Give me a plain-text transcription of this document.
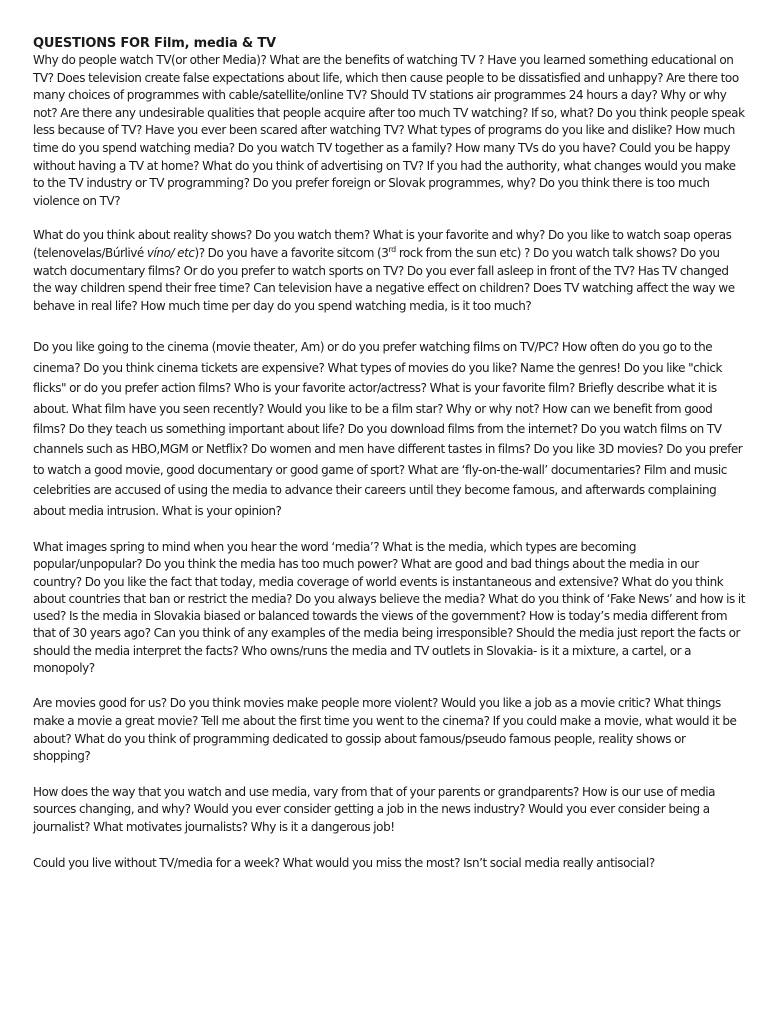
QUESTIONS FOR Film, media & TV

Why do people watch TV(or other Media)? What are the benefits of watching TV ? Have you learned something educational on TV? Does television create false expectations about life, which then cause people to be dissatisfied and unhappy? Are there too many choices of programmes with cable/satellite/online TV? Should TV stations air programmes 24 hours a day? Why or why not? Are there any undesirable qualities that people acquire after too much TV watching? If so, what? Do you think people speak less because of TV? Have you ever been scared after watching TV? What types of programs do you like and dislike? How much time do you spend watching media? Do you watch TV together as a family? How many TVs do you have? Could you be happy without having a TV at home? What do you think of advertising on TV? If you had the authority, what changes would you make to the TV industry or TV programming? Do you prefer foreign or Slovak programmes, why? Do you think there is too much violence on TV?

What do you think about reality shows? Do you watch them? What is your favorite and why? Do you like to watch soap operas (telenovelas/Búrlivé víno/ etc)? Do you have a favorite sitcom (3rd rock from the sun etc) ? Do you watch talk shows? Do you watch documentary films? Or do you prefer to watch sports on TV? Do you ever fall asleep in front of the TV? Has TV changed the way children spend their free time? Can television have a negative effect on children? Does TV watching affect the way we behave in real life? How much time per day do you spend watching media, is it too much?

Do you like going to the cinema (movie theater, Am) or do you prefer watching films on TV/PC? How often do you go to the cinema? Do you think cinema tickets are expensive? What types of movies do you like? Name the genres! Do you like "chick flicks" or do you prefer action films? Who is your favorite actor/actress? What is your favorite film? Briefly describe what it is about. What film have you seen recently? Would you like to be a film star? Why or why not? How can we benefit from good films? Do they teach us something important about life? Do you download films from the internet? Do you watch films on TV channels such as HBO,MGM or Netflix? Do women and men have different tastes in films? Do you like 3D movies? Do you prefer to watch a good movie, good documentary or good game of sport? What are ‘fly-on-the-wall’ documentaries? Film and music celebrities are accused of using the media to advance their careers until they become famous, and afterwards complaining about media intrusion. What is your opinion?

What images spring to mind when you hear the word ‘media’? What is the media, which types are becoming popular/unpopular? Do you think the media has too much power? What are good and bad things about the media in our country? Do you like the fact that today, media coverage of world events is instantaneous and extensive? What do you think about countries that ban or restrict the media? Do you always believe the media? What do you think of ‘Fake News’ and how is it used? Is the media in Slovakia biased or balanced towards the views of the government? How is today’s media different from that of 30 years ago? Can you think of any examples of the media being irresponsible? Should the media just report the facts or should the media interpret the facts? Who owns/runs the media and TV outlets in Slovakia- is it a mixture, a cartel, or a monopoly?

Are movies good for us? Do you think movies make people more violent? Would you like a job as a movie critic? What things make a movie a great movie? Tell me about the first time you went to the cinema? If you could make a movie, what would it be about? What do you think of programming dedicated to gossip about famous/pseudo famous people, reality shows or shopping?

How does the way that you watch and use media, vary from that of your parents or grandparents? How is our use of media sources changing, and why? Would you ever consider getting a job in the news industry? Would you ever consider being a journalist? What motivates journalists? Why is it a dangerous job!

Could you live without TV/media for a week? What would you miss the most? Isn’t social media really antisocial?
